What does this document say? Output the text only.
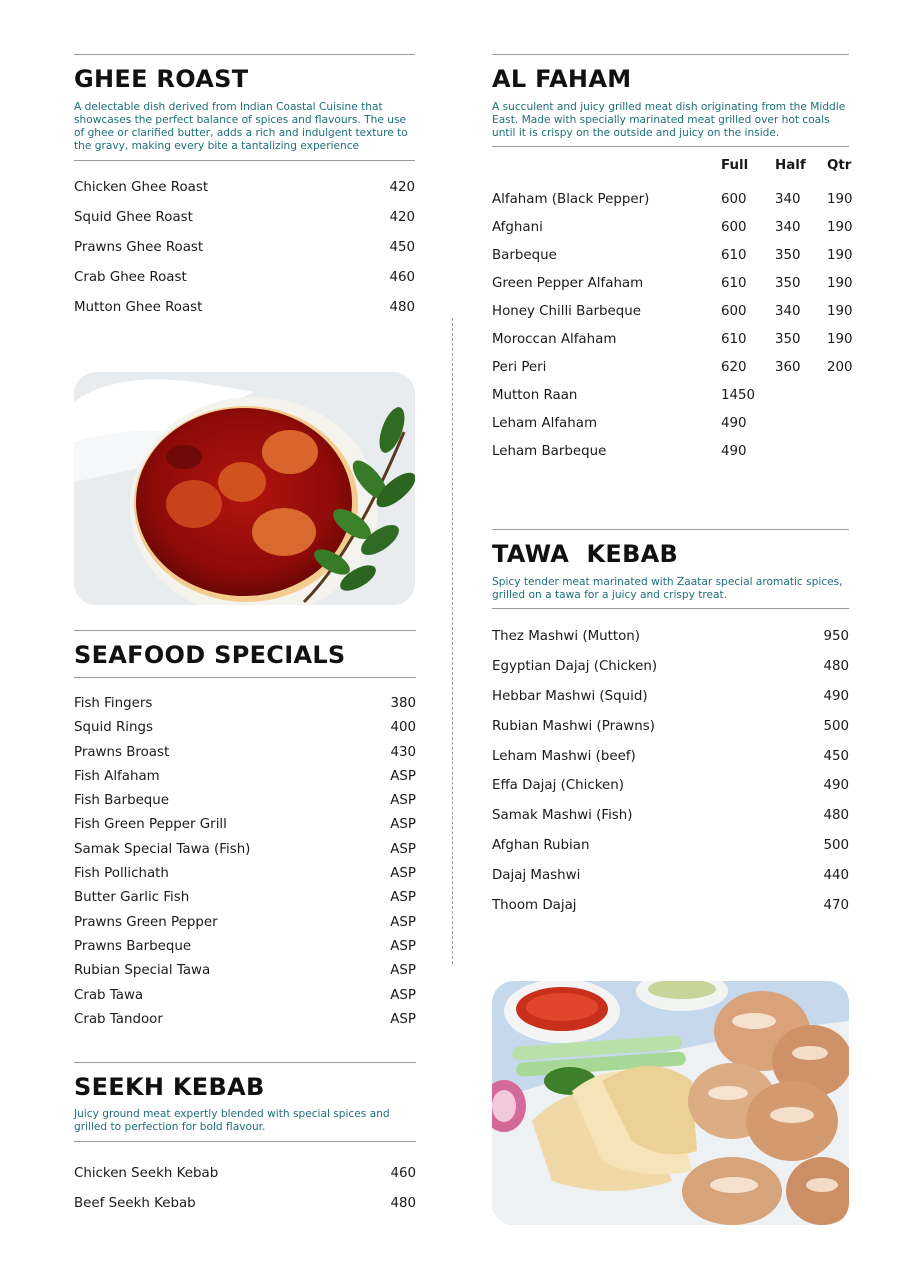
GHEE ROAST

A delectable dish derived from Indian Coastal Cuisine that showcases the perfect balance of spices and flavours. The use of ghee or clarified butter, adds a rich and indulgent texture to the gravy, making every bite a tantalizing experience

Chicken Ghee Roast	420
Squid Ghee Roast	420
Prawns Ghee Roast	450
Crab Ghee Roast	460
Mutton Ghee Roast	480
SEAFOOD SPECIALS
Fish Fingers	380
Squid Rings	400
Prawns Broast	430
Fish Alfaham	ASP
Fish Barbeque	ASP
Fish Green Pepper Grill	ASP
Samak Special Tawa (Fish)	ASP
Fish Pollichath	ASP
Butter Garlic Fish	ASP
Prawns Green Pepper	ASP
Prawns Barbeque	ASP
Rubian Special Tawa	ASP
Crab Tawa	ASP
Crab Tandoor	ASP
SEEKH KEBAB

Juicy ground meat expertly blended with special spices and grilled to perfection for bold flavour.

Chicken Seekh Kebab	460
Beef Seekh Kebab	480
AL FAHAM

A succulent and juicy grilled meat dish originating from the Middle East. Made with specially marinated meat grilled over hot coals until it is crispy on the outside and juicy on the inside.

Full	Half	Qtr
Alfaham (Black Pepper)	600	340	190
Afghani	600	340	190
Barbeque	610	350	190
Green Pepper Alfaham	610	350	190
Honey Chilli Barbeque	600	340	190
Moroccan Alfaham	610	350	190
Peri Peri	620	360	200
Mutton Raan	1450
Leham Alfaham	490
Leham Barbeque	490
TAWA  KEBAB

Spicy tender meat marinated with Zaatar special aromatic spices, grilled on a tawa for a juicy and crispy treat.

Thez Mashwi (Mutton)	950
Egyptian Dajaj (Chicken)	480
Hebbar Mashwi (Squid)	490
Rubian Mashwi (Prawns)	500
Leham Mashwi (beef)	450
Effa Dajaj (Chicken)	490
Samak Mashwi (Fish)	480
Afghan Rubian	500
Dajaj Mashwi	440
Thoom Dajaj	470
